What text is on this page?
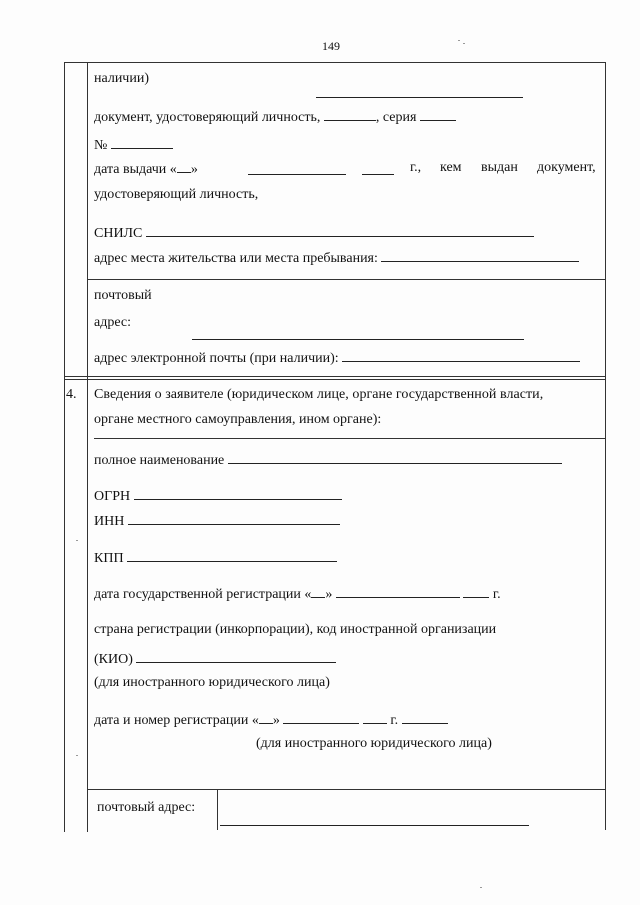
149
наличии)
документ, удостоверяющий личность,	, серия
№
дата выдачи « »	г., кем выдан документ,
удостоверяющий личность,
СНИЛС
адрес места жительства или места пребывания:
почтовый
адрес:
адрес электронной почты (при наличии):
4. Сведения о заявителе (юридическом лице, органе государственной власти,
органе местного самоуправления, ином органе):
полное наименование
ОГРН
ИНН
КПП
дата государственной регистрации « »	г.
страна регистрации (инкорпорации), код иностранной организации
(КИО)
(для иностранного юридического лица)
дата и номер регистрации « »	г.
(для иностранного юридического лица)
почтовый адрес:
